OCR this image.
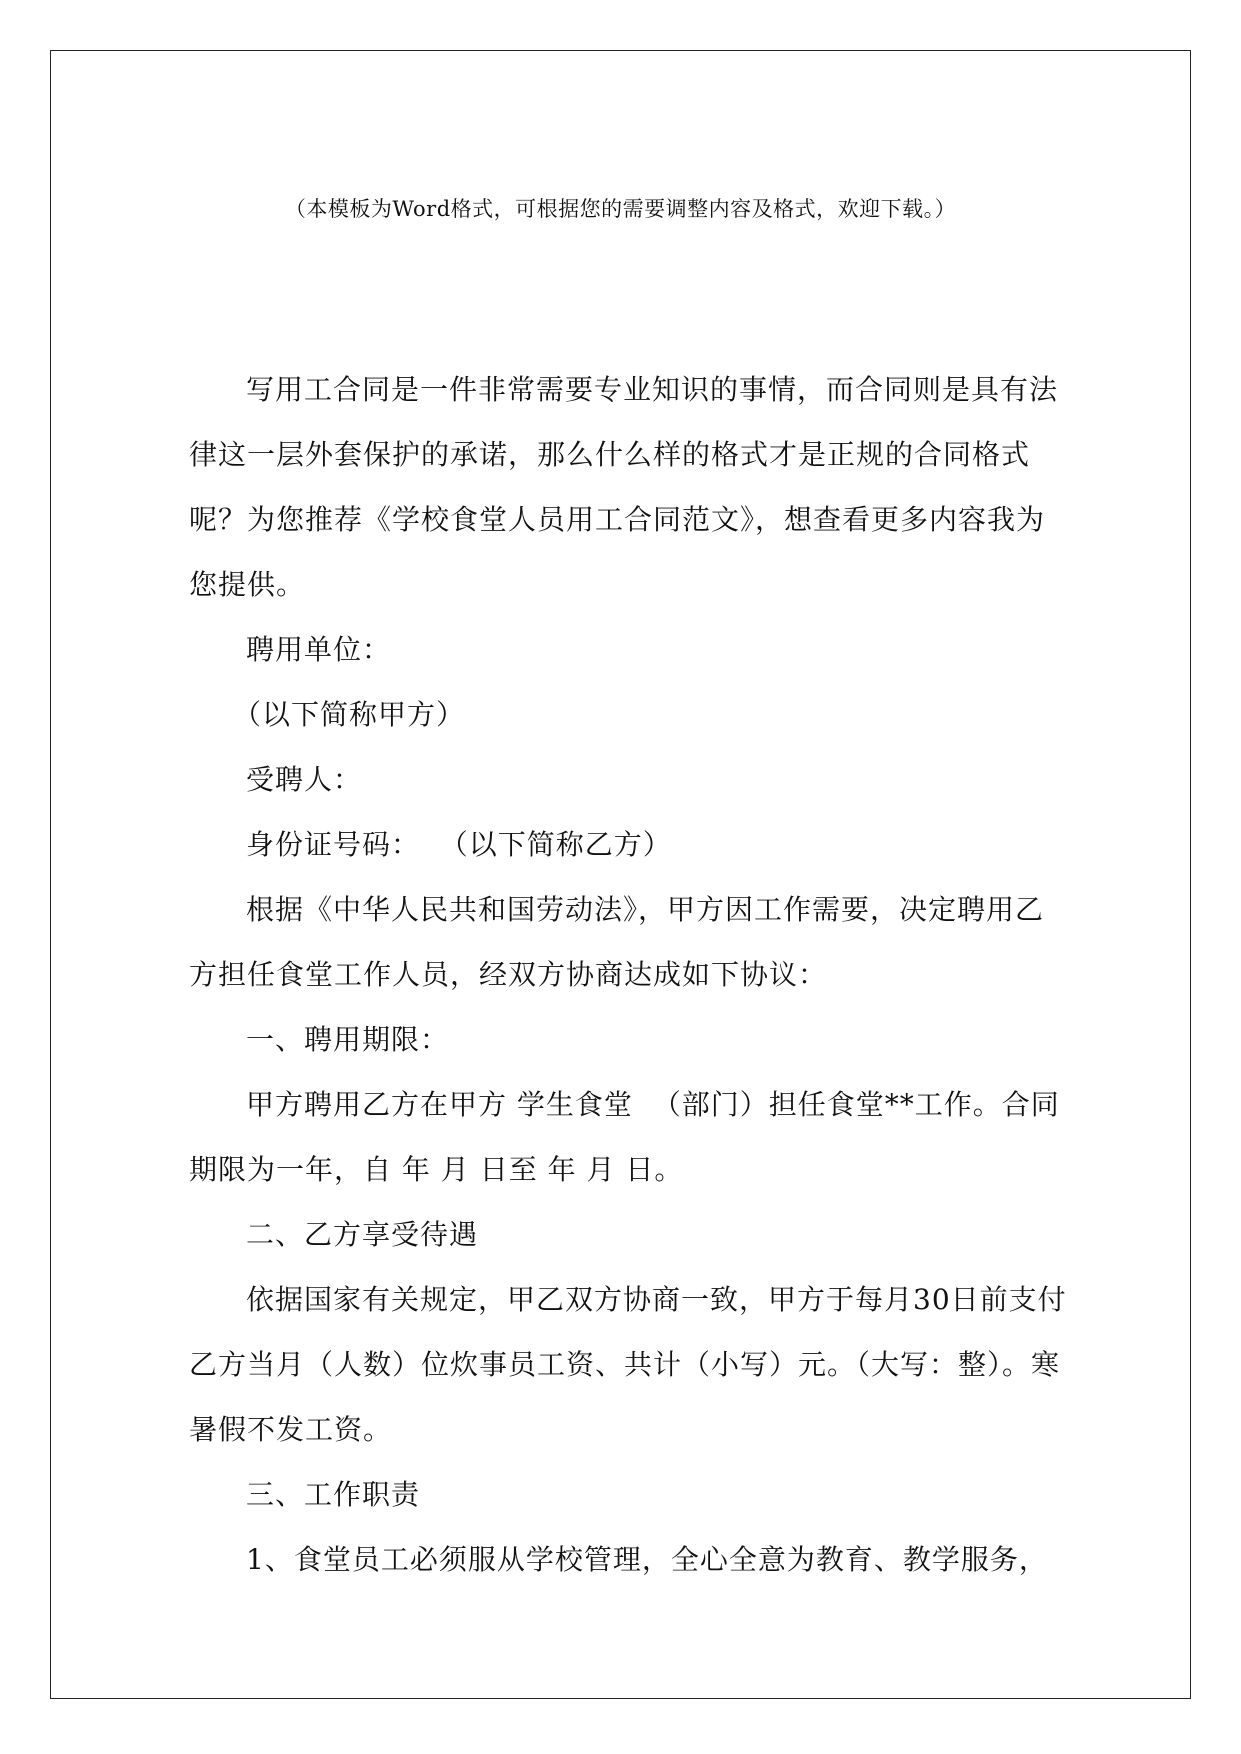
（本模板为Word格式，可根据您的需要调整内容及格式，欢迎下载。）

写用工合同是一件非常需要专业知识的事情，而合同则是具有法律这一层外套保护的承诺，那么什么样的格式才是正规的合同格式呢？为您推荐《学校食堂人员用工合同范文》，想查看更多内容我为您提供。

聘用单位：

（以下简称甲方）

受聘人：

身份证号码：  （以下简称乙方）

根据《中华人民共和国劳动法》，甲方因工作需要，决定聘用乙方担任食堂工作人员，经双方协商达成如下协议：

一、聘用期限：

甲方聘用乙方在甲方 学生食堂  （部门）担任食堂**工作。合同期限为一年，自 年 月 日至 年 月 日。

二、乙方享受待遇

依据国家有关规定，甲乙双方协商一致，甲方于每月30日前支付乙方当月（人数）位炊事员工资、共计（小写）元。（大写：整）。寒暑假不发工资。

三、工作职责

1、食堂员工必须服从学校管理，全心全意为教育、教学服务，
